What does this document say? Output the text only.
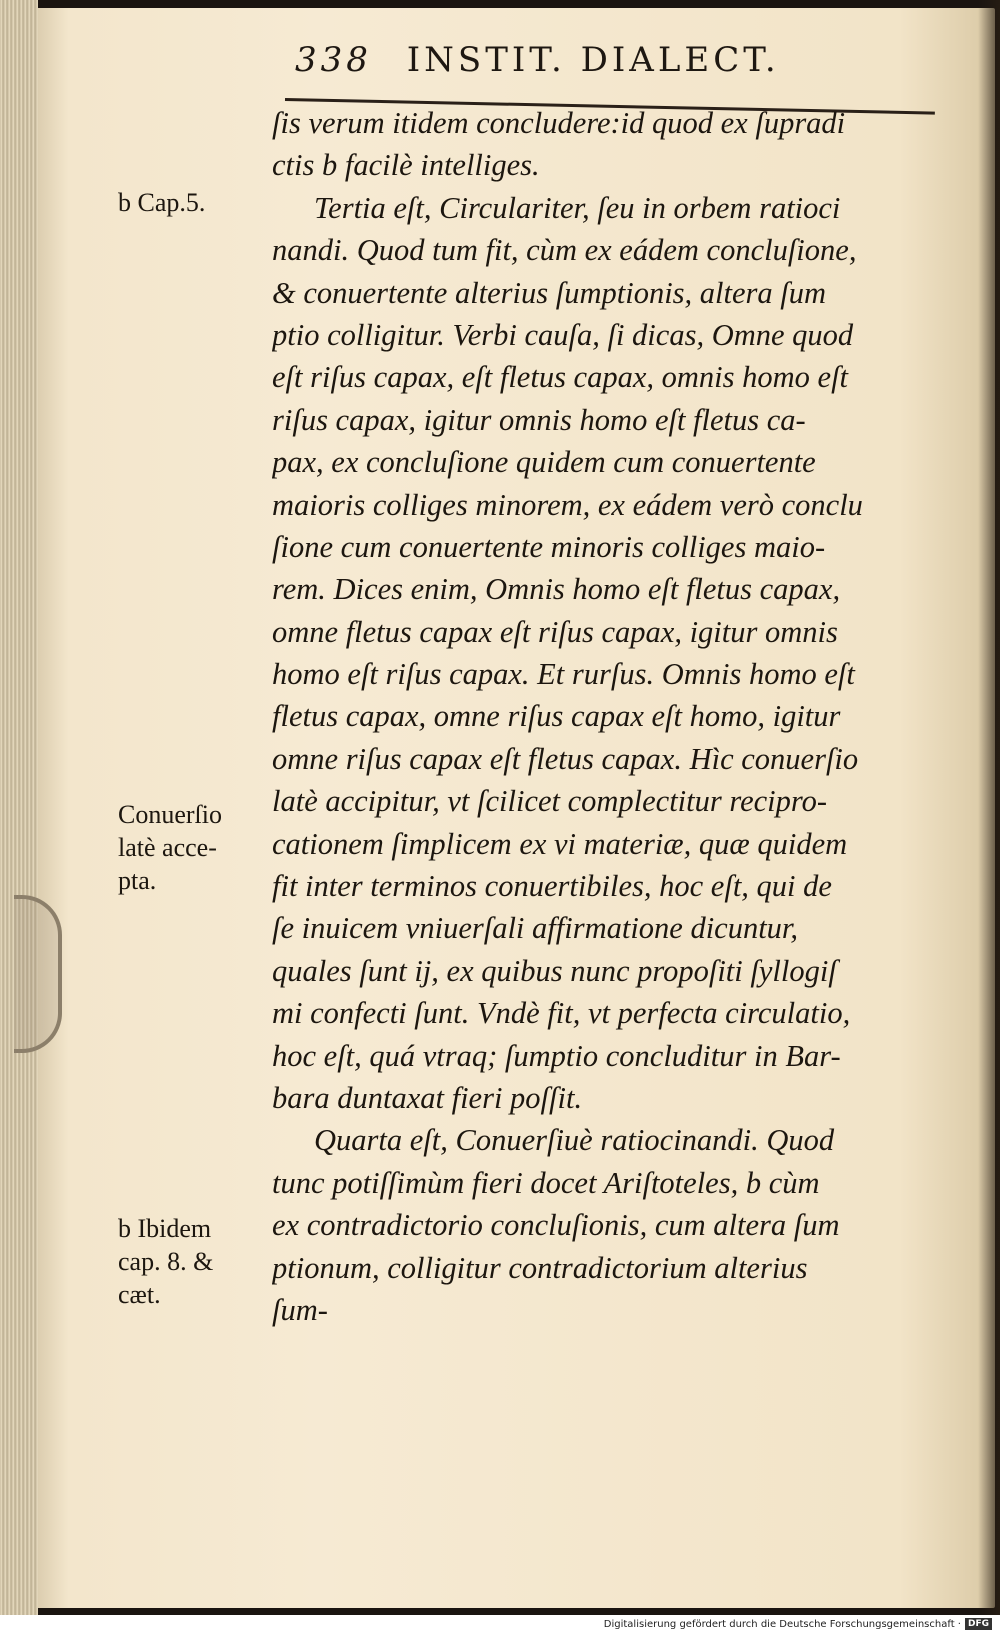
338 INSTIT. DIALECT.
b Cap.5.
Conuerſio
latè acce-
pta.
b Ibidem
cap. 8. &
cæt.
ſis verum itidem concludere:id quod ex ſupradi
ctis b facilè intelliges.
Tertia eſt, Circulariter, ſeu in orbem ratioci
nandi. Quod tum fit, cùm ex eádem concluſione,
& conuertente alterius ſumptionis, altera ſum
ptio colligitur. Verbi cauſa, ſi dicas, Omne quod
eſt riſus capax, eſt fletus capax, omnis homo eſt
riſus capax, igitur omnis homo eſt fletus ca-
pax, ex concluſione quidem cum conuertente
maioris colliges minorem, ex eádem verò conclu
ſione cum conuertente minoris colliges maio-
rem. Dices enim, Omnis homo eſt fletus capax,
omne fletus capax eſt riſus capax, igitur omnis
homo eſt riſus capax. Et rurſus. Omnis homo eſt
fletus capax, omne riſus capax eſt homo, igitur
omne riſus capax eſt fletus capax. Hìc conuerſio
latè accipitur, vt ſcilicet complectitur recipro-
cationem ſimplicem ex vi materiæ, quæ quidem
fit inter terminos conuertibiles, hoc eſt, qui de
ſe inuicem vniuerſali affirmatione dicuntur,
quales ſunt ij, ex quibus nunc propoſiti ſyllogiſ
mi confecti ſunt. Vndè fit, vt perfecta circulatio,
hoc eſt, quá vtraq; ſumptio concluditur in Bar-
bara duntaxat fieri poſſit.
Quarta eſt, Conuerſiuè ratiocinandi. Quod
tunc potiſſimùm fieri docet Ariſtoteles, b cùm
ex contradictorio concluſionis, cum altera ſum
ptionum, colligitur contradictorium alterius
ſum-
Digitalisierung gefördert durch die Deutsche Forschungsgemeinschaft · DFG
